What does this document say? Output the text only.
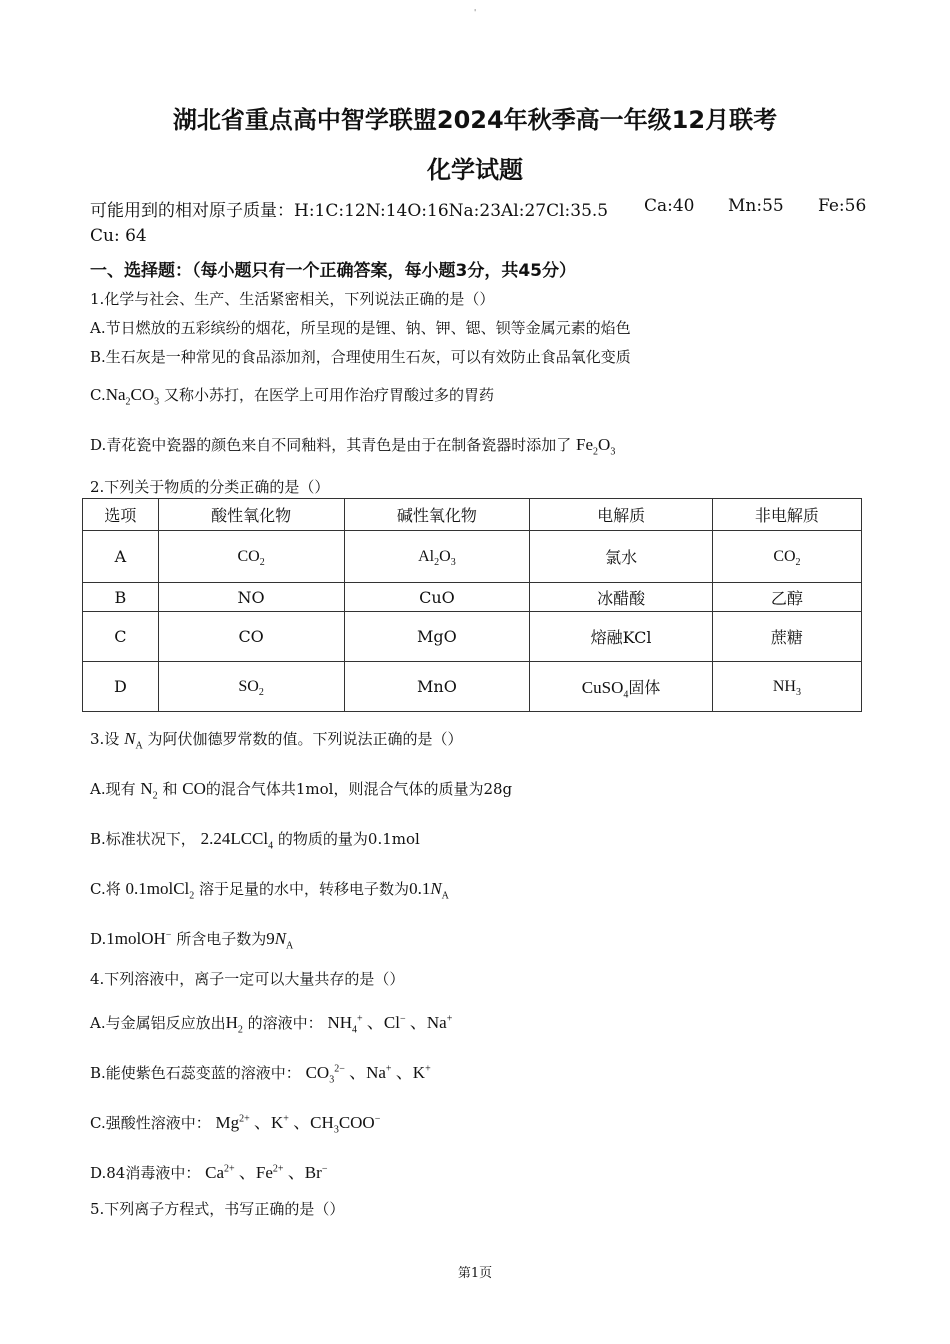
'
湖北省重点高中智学联盟2024年秋季高一年级12月联考
化学试题
可能用到的相对原子质量：H:1C:12N:14O:16Na:23Al:27Cl:35.5 Ca:40 Mn:55 Fe:56
Cu: 64
一、选择题：（每小题只有一个正确答案，每小题3分，共45分）
1.化学与社会、生产、生活紧密相关，下列说法正确的是（）
A.节日燃放的五彩缤纷的烟花，所呈现的是锂、钠、钾、锶、钡等金属元素的焰色
B.生石灰是一种常见的食品添加剂，合理使用生石灰，可以有效防止食品氧化变质
$C.Na_2CO_3$ 又称小苏打，在医学上可用作治疗胃酸过多的胃药
D.青花瓷中瓷器的颜色来自不同釉料，其青色是由于在制备瓷器时添加了 $Fe_2O_3$
2.下列关于物质的分类正确的是（）
选项	酸性氧化物	碱性氧化物	电解质	非电解质
A	$CO_2$	$Al_2O_3$	氯水	$CO_2$
B	NO	CuO	冰醋酸	乙醇
C	CO	MgO	熔融KCl	蔗糖
D	$SO_2$	MnO	CuSO$_4$固体	$NH_3$
3.设 $N_A$ 为阿伏伽德罗常数的值。下列说法正确的是（）
A.现有 $N_2$ 和 CO的混合气体共1mol，则混合气体的质量为28g
B.标准状况下， 2.24LCCl$_4$ 的物质的量为0.1mol
C.将 0.1molCl$_2$ 溶于足量的水中，转移电子数为$0.1N_A$
D.1molOH− 所含电子数为$9N_A$
4.下列溶液中，离子一定可以大量共存的是（）
A.与金属铝反应放出$H_2$ 的溶液中： $NH_4^+$ 、Cl− 、Na+
B.能使紫色石蕊变蓝的溶液中： $CO_3^{2-}$ 、Na+ 、K+
C.强酸性溶液中： $Mg^{2+}$ 、K+ 、$CH_3COO^-$
D.84消毒液中： $Ca^{2+}$ 、$Fe^{2+}$ 、Br−
5.下列离子方程式，书写正确的是（）
第1页
